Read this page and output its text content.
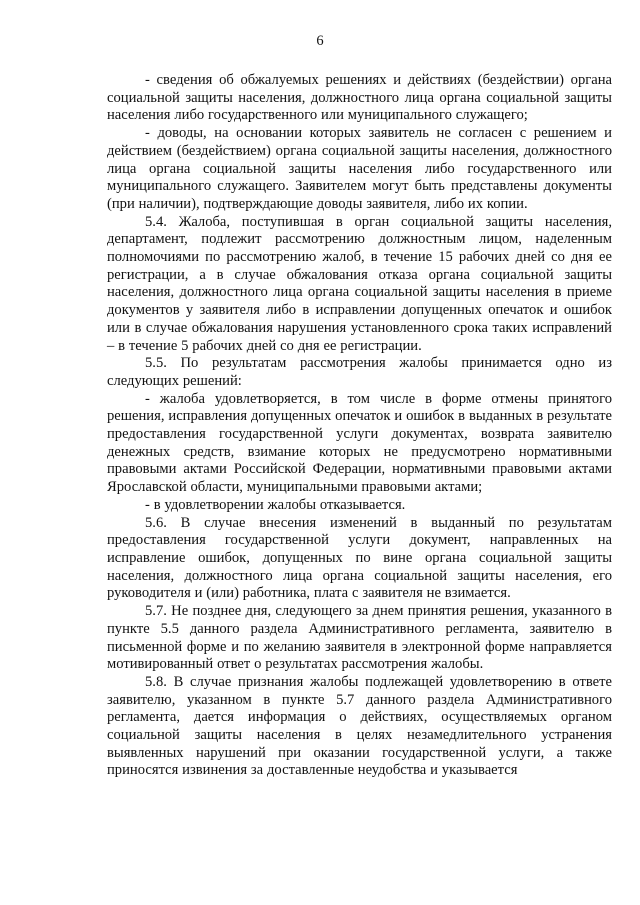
6

- сведения об обжалуемых решениях и действиях (бездействии) органа социальной защиты населения, должностного лица органа социальной защиты населения либо государственного или муниципального служащего;

- доводы, на основании которых заявитель не согласен с решением и действием (бездействием) органа социальной защиты населения, должностного лица органа социальной защиты населения либо государственного или муниципального служащего. Заявителем могут быть представлены документы (при наличии), подтверждающие доводы заявителя, либо их копии.

5.4. Жалоба, поступившая в орган социальной защиты населения, департамент, подлежит рассмотрению должностным лицом, наделенным полномочиями по рассмотрению жалоб, в течение 15 рабочих дней со дня ее регистрации, а в случае обжалования отказа органа социальной защиты населения, должностного лица органа социальной защиты населения в приеме документов у заявителя либо в исправлении допущенных опечаток и ошибок или в случае обжалования нарушения установленного срока таких исправлений – в течение 5 рабочих дней со дня ее регистрации.

5.5. По результатам рассмотрения жалобы принимается одно из следующих решений:

- жалоба удовлетворяется, в том числе в форме отмены принятого решения, исправления допущенных опечаток и ошибок в выданных в результате предоставления государственной услуги документах, возврата заявителю денежных средств, взимание которых не предусмотрено нормативными правовыми актами Российской Федерации, нормативными правовыми актами Ярославской области, муниципальными правовыми актами;

- в удовлетворении жалобы отказывается.

5.6. В случае внесения изменений в выданный по результатам предоставления государственной услуги документ, направленных на исправление ошибок, допущенных по вине органа социальной защиты населения, должностного лица органа социальной защиты населения, его руководителя и (или) работника, плата с заявителя не взимается.

5.7. Не позднее дня, следующего за днем принятия решения, указанного в пункте 5.5 данного раздела Административного регламента, заявителю в письменной форме и по желанию заявителя в электронной форме направляется мотивированный ответ о результатах рассмотрения жалобы.

5.8. В случае признания жалобы подлежащей удовлетворению в ответе заявителю, указанном в пункте 5.7 данного раздела Административного регламента, дается информация о действиях, осуществляемых органом социальной защиты населения в целях незамедлительного устранения выявленных нарушений при оказании государственной услуги, а также приносятся извинения за доставленные неудобства и указывается
